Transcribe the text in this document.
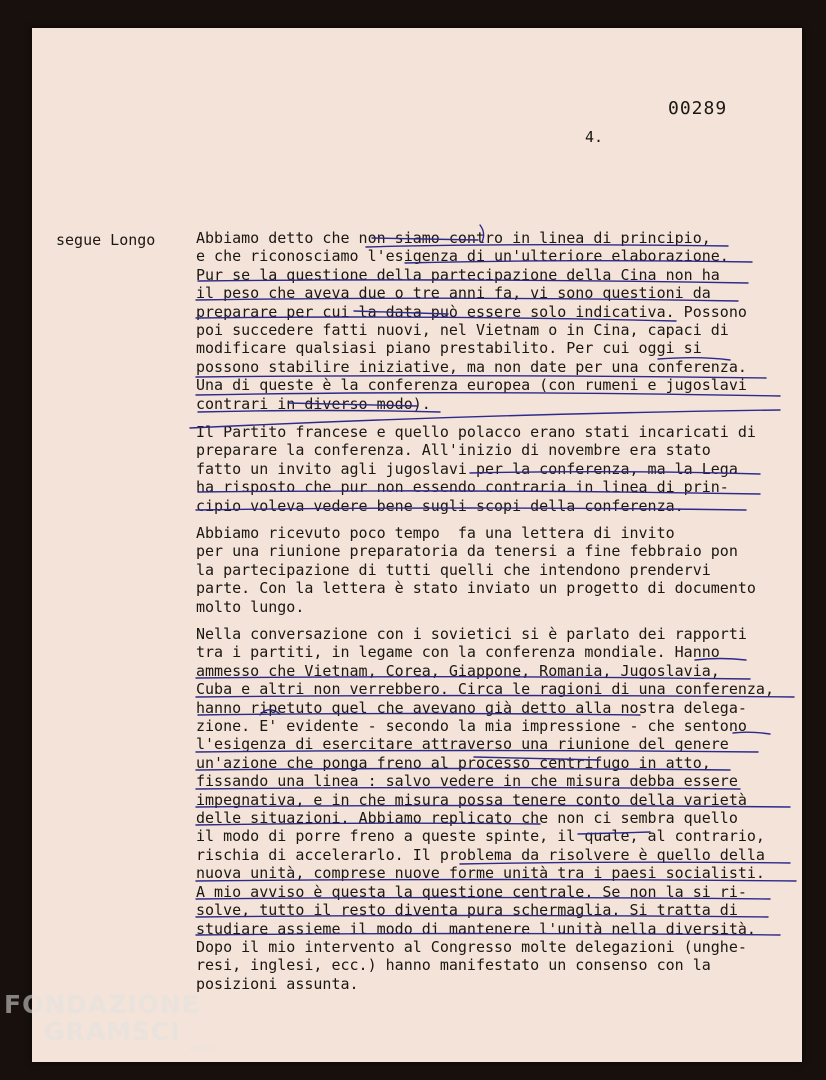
00289
4.
segue Longo	Abbiamo detto che non siamo contro in linea di principio,
e che riconosciamo l'esigenza di un'ulteriore elaborazione.
Pur se la questione della partecipazione della Cina non ha
il peso che aveva due o tre anni fa, vi sono questioni da
preparare per cui la data può essere solo indicativa. Possono
poi succedere fatti nuovi, nel Vietnam o in Cina, capaci di
modificare qualsiasi piano prestabilito. Per cui oggi si
possono stabilire iniziative, ma non date per una conferenza.
Una di queste è la conferenza europea (con rumeni e jugoslavi
contrari in diverso modo).

Il Partito francese e quello polacco erano stati incaricati di
preparare la conferenza. All'inizio di novembre era stato
fatto un invito agli jugoslavi per la conferenza, ma la Lega
ha risposto che pur non essendo contraria in linea di prin-
cipio voleva vedere bene sugli scopi della conferenza.

Abbiamo ricevuto poco tempo  fa una lettera di invito
per una riunione preparatoria da tenersi a fine febbraio pon
la partecipazione di tutti quelli che intendono prendervi
parte. Con la lettera è stato inviato un progetto di documento
molto lungo.

Nella conversazione con i sovietici si è parlato dei rapporti
tra i partiti, in legame con la conferenza mondiale. Hanno
ammesso che Vietnam, Corea, Giappone, Romania, Jugoslavia,
Cuba e altri non verrebbero. Circa le ragioni di una conferenza,
hanno ripetuto quel che avevano già detto alla nostra delega-
zione. E' evidente - secondo la mia impressione - che sentono
l'esigenza di esercitare attraverso una riunione del genere
un'azione che ponga freno al processo centrifugo in atto,
fissando una linea : salvo vedere in che misura debba essere
impegnativa, e in che misura possa tenere conto della varietà
delle situazioni. Abbiamo replicato che non ci sembra quello
il modo di porre freno a queste spinte, il quale, al contrario,
rischia di accelerarlo. Il problema da risolvere è quello della
nuova unità, comprese nuove forme unità tra i paesi socialisti.
A mio avviso è questa la questione centrale. Se non la si ri-
solve, tutto il resto diventa pura schermaglia. Si tratta di
studiare assieme il modo di mantenere l'unità nella diversità.
Dopo il mio intervento al Congresso molte delegazioni (unghe-
resi, inglesi, ecc.) hanno manifestato un consenso con la
posizioni assunta.

FONDAZIONE
GRAMSCI
onlus
